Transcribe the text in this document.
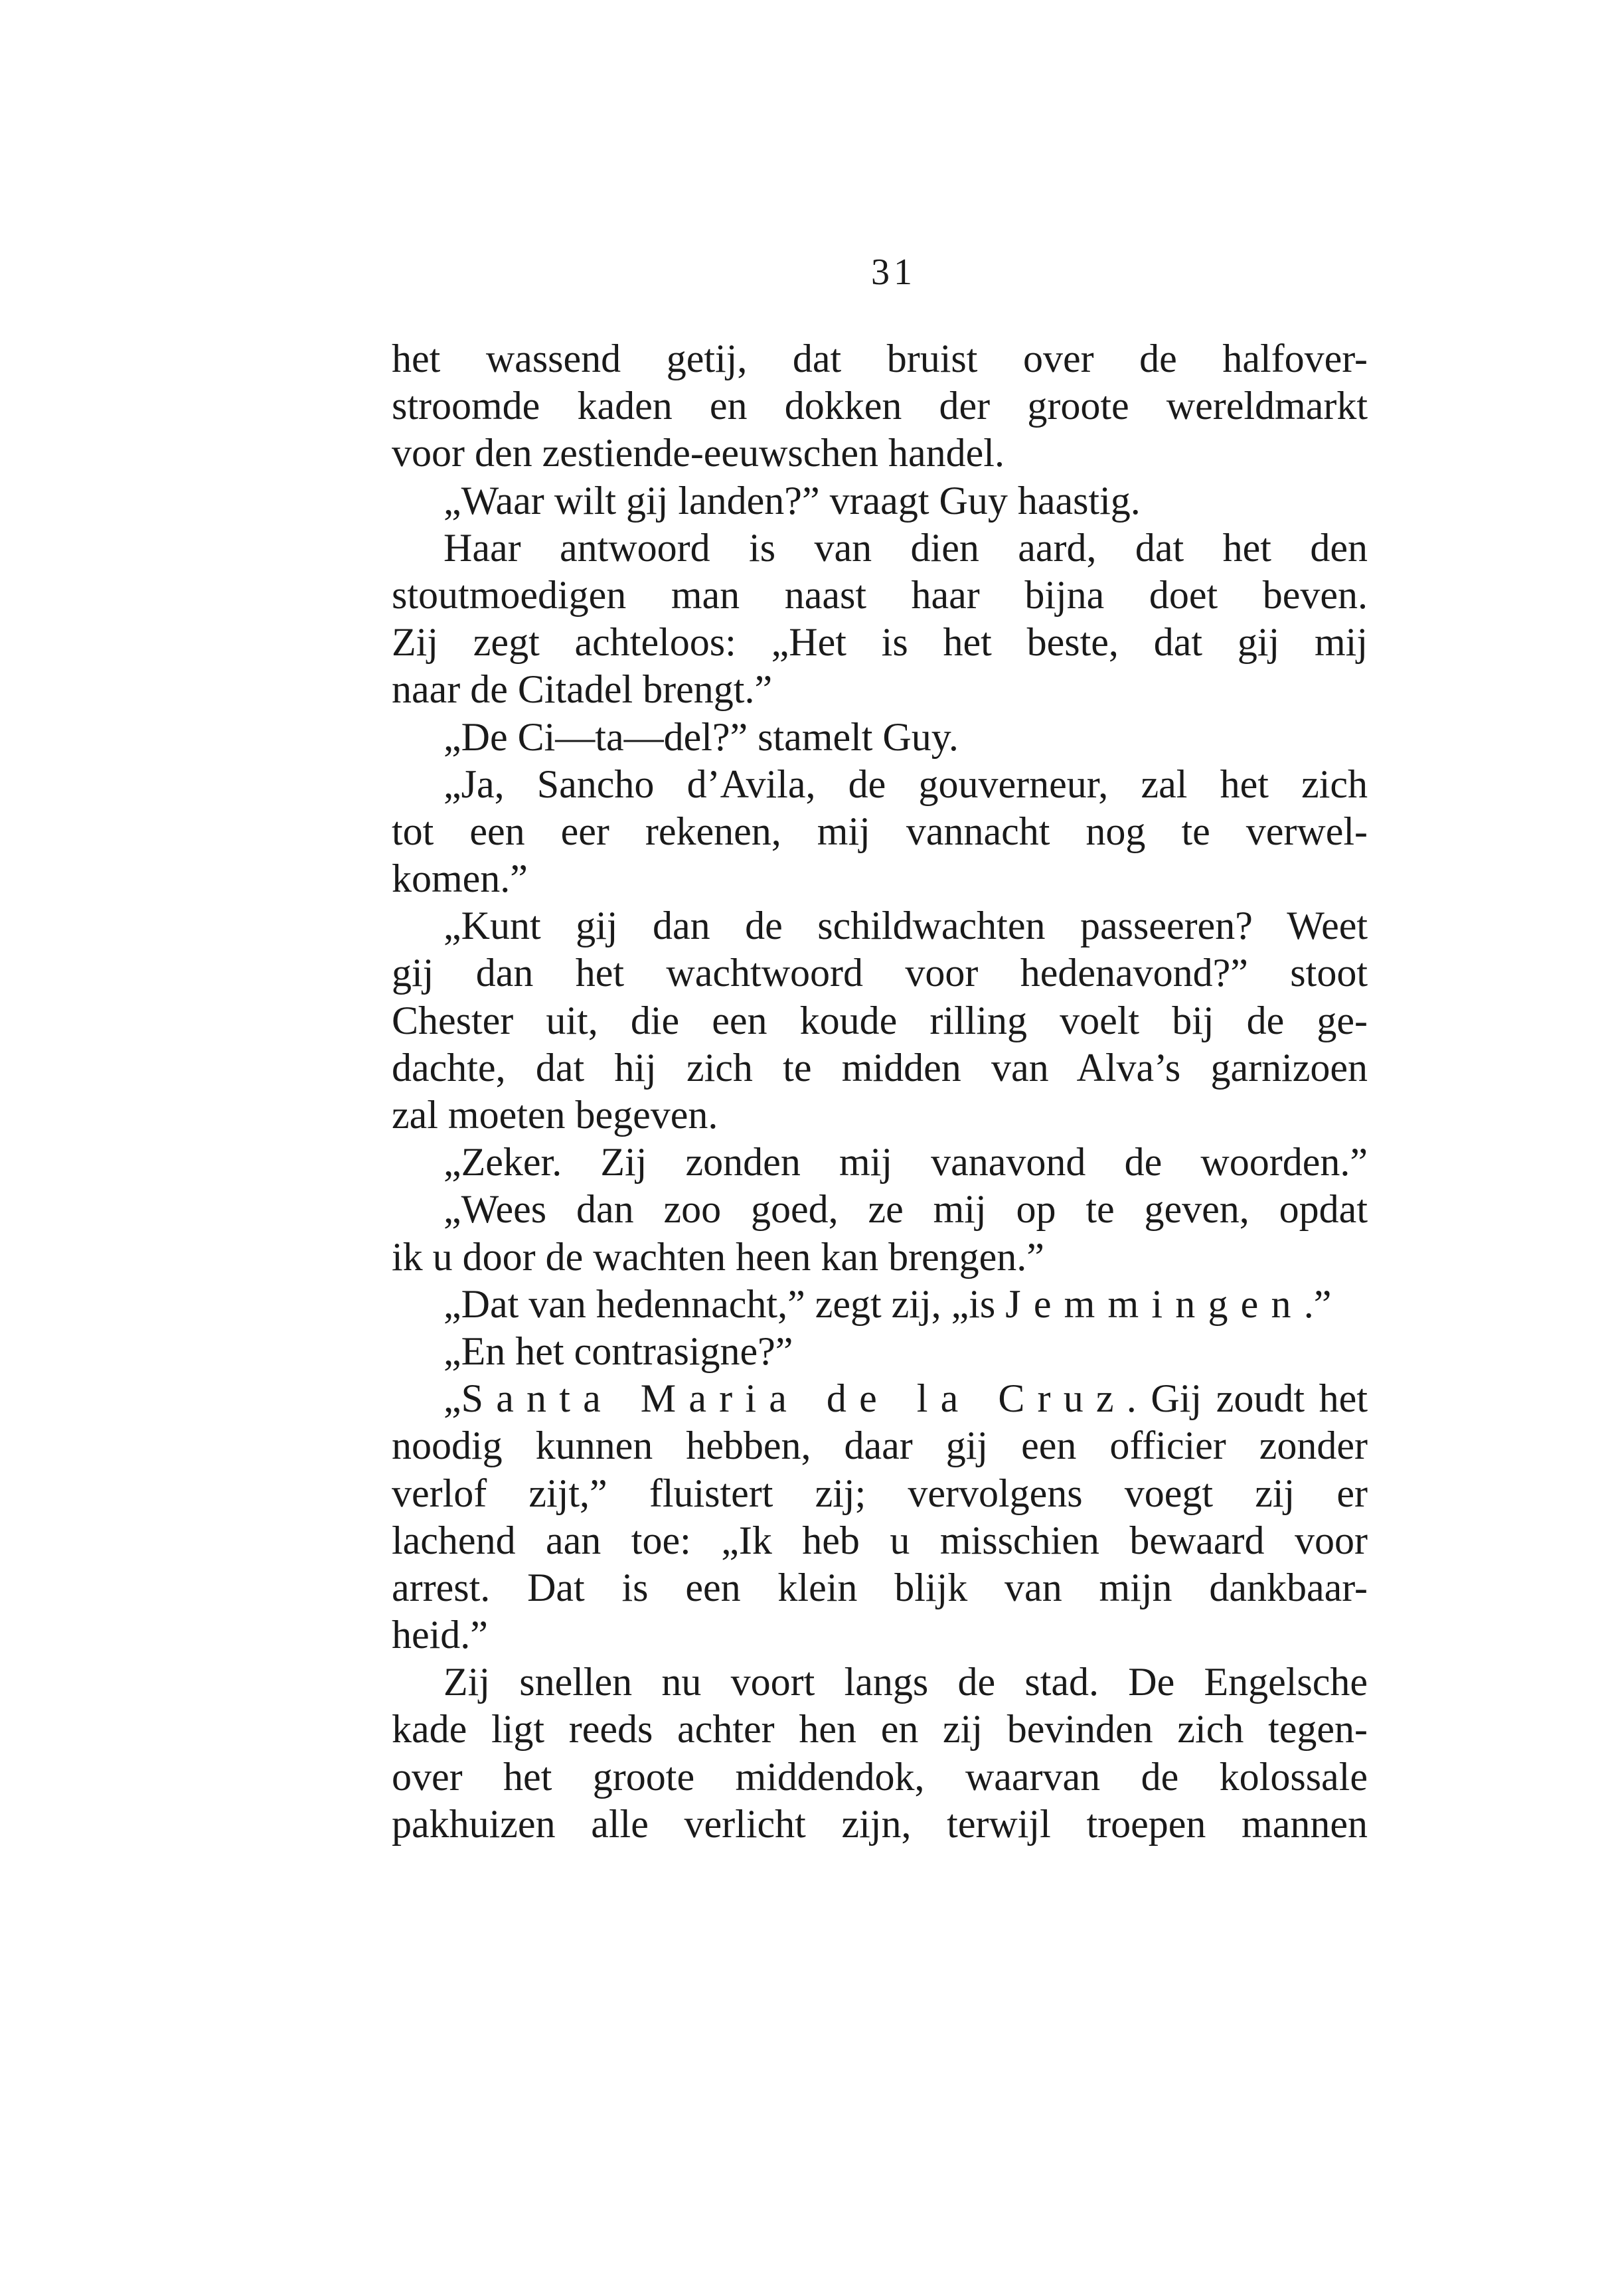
31
het wassend getij, dat bruist over de halfover-
stroomde kaden en dokken der groote wereldmarkt
voor den zestiende-eeuwschen handel.
„Waar wilt gij landen?” vraagt Guy haastig.
Haar antwoord is van dien aard, dat het den
stoutmoedigen man naast haar bijna doet beven.
Zij zegt achteloos: „Het is het beste, dat gij mij
naar de Citadel brengt.”
„De Ci—ta—del?” stamelt Guy.
„Ja, Sancho d’Avila, de gouverneur, zal het zich
tot een eer rekenen, mij vannacht nog te verwel-
komen.”
„Kunt gij dan de schildwachten passeeren? Weet
gij dan het wachtwoord voor hedenavond?” stoot
Chester uit, die een koude rilling voelt bij de ge-
dachte, dat hij zich te midden van Alva’s garnizoen
zal moeten begeven.
„Zeker. Zij zonden mij vanavond de woorden.”
„Wees dan zoo goed, ze mij op te geven, opdat
ik u door de wachten heen kan brengen.”
„Dat van hedennacht,” zegt zij, „is Jemmingen.”
„En het contrasigne?”
„Santa Maria de la Cruz. Gij zoudt het
noodig kunnen hebben, daar gij een officier zonder
verlof zijt,” fluistert zij; vervolgens voegt zij er
lachend aan toe: „Ik heb u misschien bewaard voor
arrest. Dat is een klein blijk van mijn dankbaar-
heid.”
Zij snellen nu voort langs de stad. De Engelsche
kade ligt reeds achter hen en zij bevinden zich tegen-
over het groote middendok, waarvan de kolossale
pakhuizen alle verlicht zijn, terwijl troepen mannen
